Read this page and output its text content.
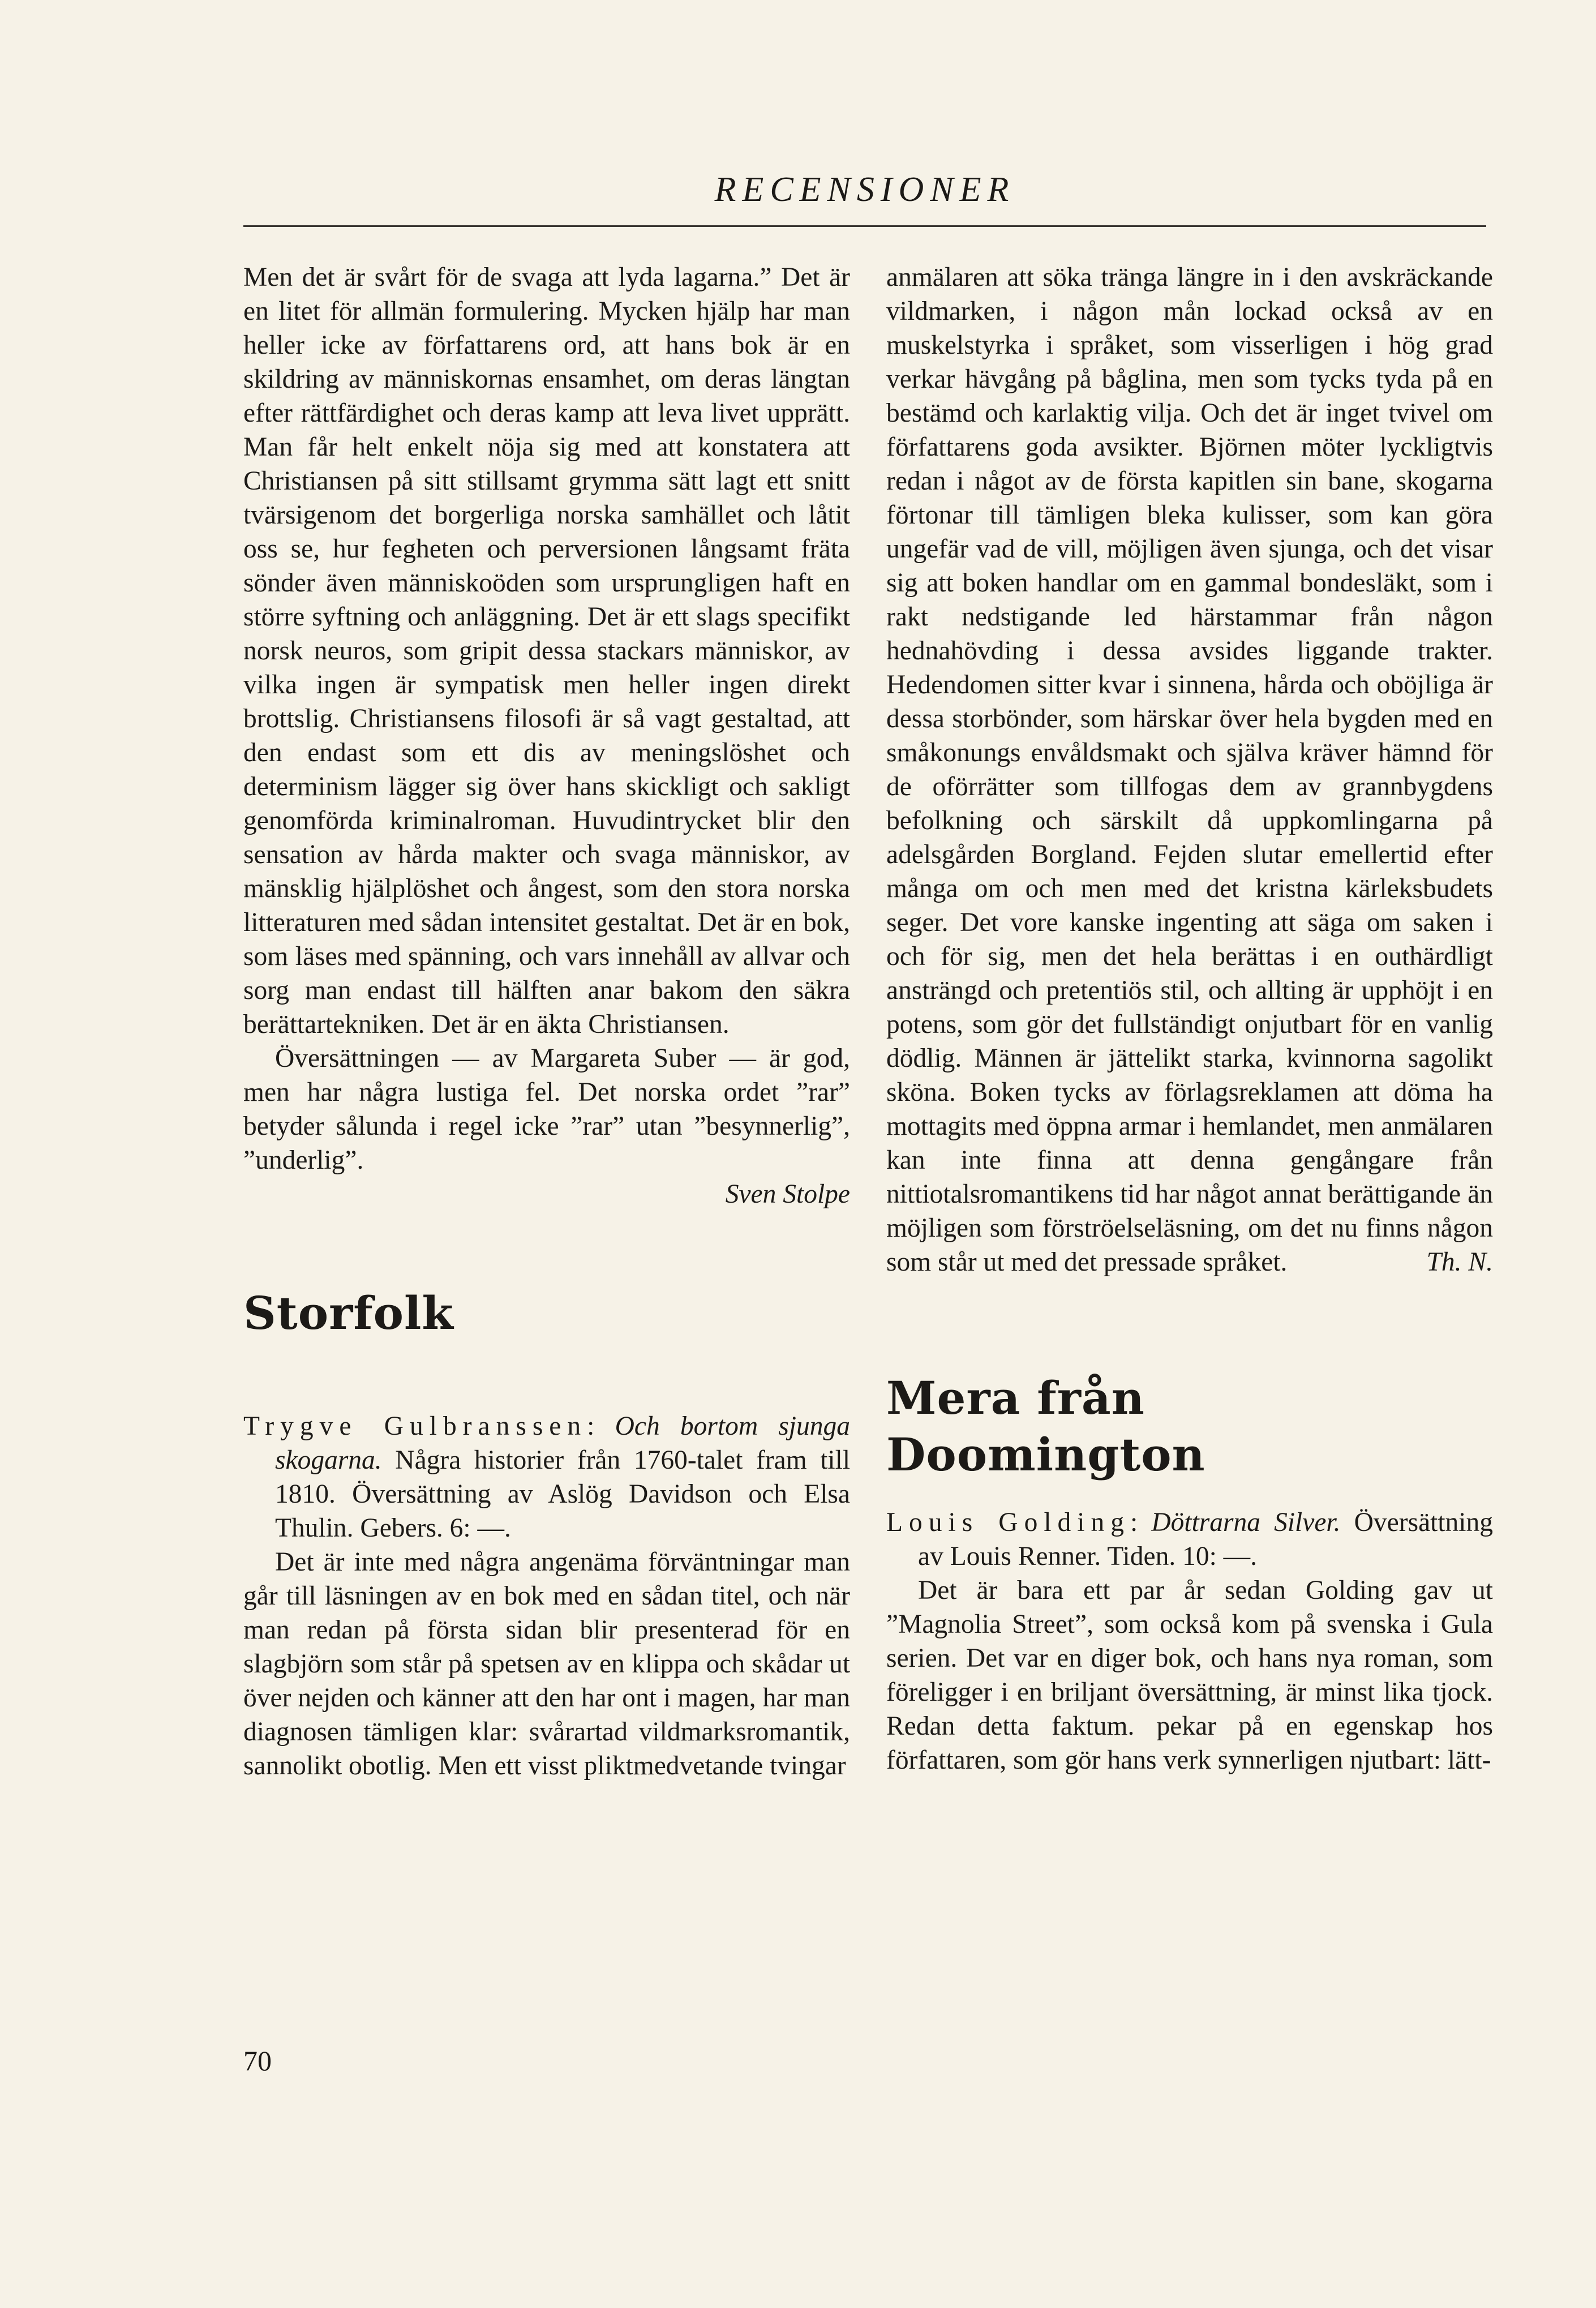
RECENSIONER

Men det är svårt för de svaga att lyda lagarna.” Det är en litet för allmän formulering. Mycken hjälp har man heller icke av författarens ord, att hans bok är en skildring av människornas ensamhet, om deras längtan efter rättfärdighet och deras kamp att leva livet upprätt. Man får helt enkelt nöja sig med att konstatera att Christiansen på sitt stillsamt grymma sätt lagt ett snitt tvärsigenom det borgerliga norska samhället och låtit oss se, hur fegheten och perversionen långsamt fräta sönder även människoöden som ursprungligen haft en större syftning och anläggning. Det är ett slags specifikt norsk neuros, som gripit dessa stackars människor, av vilka ingen är sympatisk men heller ingen direkt brottslig. Christiansens filosofi är så vagt gestaltad, att den endast som ett dis av meningslöshet och determinism lägger sig över hans skickligt och sakligt genomförda kriminalroman. Huvudintrycket blir den sensation av hårda makter och svaga människor, av mänsklig hjälplöshet och ångest, som den stora norska litteraturen med sådan intensitet gestaltat. Det är en bok, som läses med spänning, och vars innehåll av allvar och sorg man endast till hälften anar bakom den säkra berättartekniken. Det är en äkta Christiansen.

Översättningen — av Margareta Suber — är god, men har några lustiga fel. Det norska ordet ”rar” betyder sålunda i regel icke ”rar” utan ”besynnerlig”, ”underlig”.

Sven Stolpe

Storfolk

Trygve Gulbranssen: Och bortom sjunga skogarna. Några historier från 1760-talet fram till 1810. Översättning av Aslög Davidson och Elsa Thulin. Gebers. 6: —.

Det är inte med några angenäma förväntningar man går till läsningen av en bok med en sådan titel, och när man redan på första sidan blir presenterad för en slagbjörn som står på spetsen av en klippa och skådar ut över nejden och känner att den har ont i magen, har man diagnosen tämligen klar: svårartad vildmarksromantik, sannolikt obotlig. Men ett visst pliktmedvetande tvingar

anmälaren att söka tränga längre in i den avskräckande vildmarken, i någon mån lockad också av en muskelstyrka i språket, som visserligen i hög grad verkar hävgång på båglina, men som tycks tyda på en bestämd och karlaktig vilja. Och det är inget tvivel om författarens goda avsikter. Björnen möter lyckligtvis redan i något av de första kapitlen sin bane, skogarna förtonar till tämligen bleka kulisser, som kan göra ungefär vad de vill, möjligen även sjunga, och det visar sig att boken handlar om en gammal bondesläkt, som i rakt nedstigande led härstammar från någon hednahövding i dessa avsides liggande trakter. Hedendomen sitter kvar i sinnena, hårda och oböjliga är dessa storbönder, som härskar över hela bygden med en småkonungs envåldsmakt och själva kräver hämnd för de oförrätter som tillfogas dem av grannbygdens befolkning och särskilt då uppkomlingarna på adelsgården Borgland. Fejden slutar emellertid efter många om och men med det kristna kärleksbudets seger. Det vore kanske ingenting att säga om saken i och för sig, men det hela berättas i en outhärdligt ansträngd och pretentiös stil, och allting är upphöjt i en potens, som gör det fullständigt onjutbart för en vanlig dödlig. Männen är jättelikt starka, kvinnorna sagolikt sköna. Boken tycks av förlagsreklamen att döma ha mottagits med öppna armar i hemlandet, men anmälaren kan inte finna att denna gengångare från nittiotalsromantikens tid har något annat berättigande än möjligen som förströelseläsning, om det nu finns någon som står ut med det pressade språket.	Th. N.

Mera från
Doomington

Louis Golding: Döttrarna Silver. Översättning av Louis Renner. Tiden. 10: —.

Det är bara ett par år sedan Golding gav ut ”Magnolia Street”, som också kom på svenska i Gula serien. Det var en diger bok, och hans nya roman, som föreligger i en briljant översättning, är minst lika tjock. Redan detta faktum. pekar på en egenskap hos författaren, som gör hans verk synnerligen njutbart: lätt-

70
